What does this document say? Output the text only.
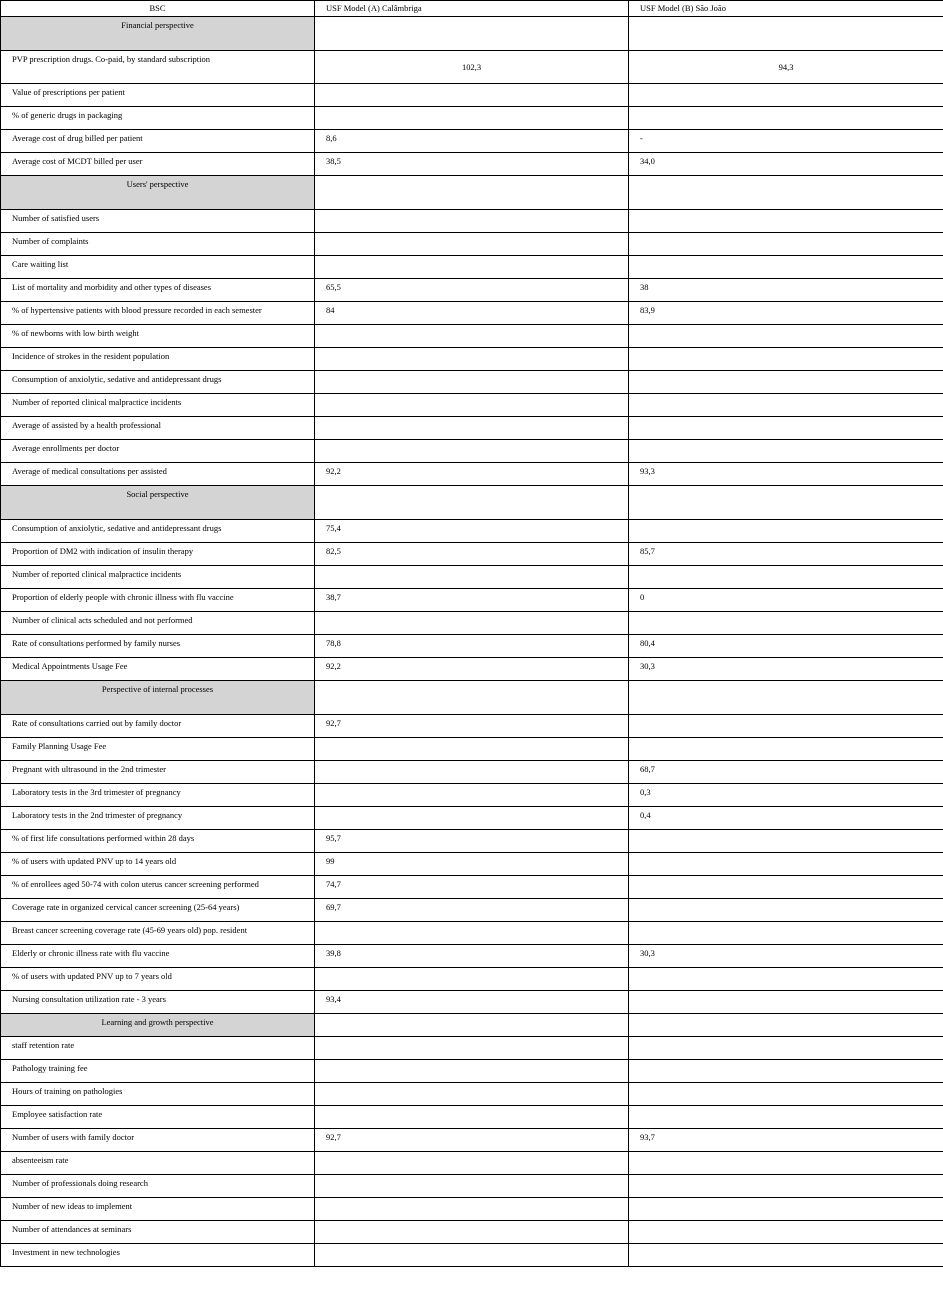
BSC	USF Model (A) Calâmbriga	USF Model (B) São João

Financial perspective		

PVP prescription drugs. Co-paid, by standard subscription	102,3	94,3

Value of prescriptions per patient		

% of generic drugs in packaging		

Average cost of drug billed per patient	8,6	-

Average cost of MCDT billed per user	38,5	34,0

Users' perspective		

Number of satisfied users		

Number of complaints		

Care waiting list		

List of mortality and morbidity and other types of diseases	65,5	38

% of hypertensive patients with blood pressure recorded in each semester	84	83,9

% of newborns with low birth weight		

Incidence of strokes in the resident population		

Consumption of anxiolytic, sedative and antidepressant drugs		

Number of reported clinical malpractice incidents		

Average of assisted by a health professional		

Average enrollments per doctor		

Average of medical consultations per assisted	92,2	93,3

Social perspective		

Consumption of anxiolytic, sedative and antidepressant drugs	75,4	

Proportion of DM2 with indication of insulin therapy	82,5	85,7

Number of reported clinical malpractice incidents		

Proportion of elderly people with chronic illness with flu vaccine	38,7	0

Number of clinical acts scheduled and not performed		

Rate of consultations performed by family nurses	78,8	80,4

Medical Appointments Usage Fee	92,2	30,3

Perspective of internal processes		

Rate of consultations carried out by family doctor	92,7	

Family Planning Usage Fee		

Pregnant with ultrasound in the 2nd trimester		68,7

Laboratory tests in the 3rd trimester of pregnancy		0,3

Laboratory tests in the 2nd trimester of pregnancy		0,4

% of first life consultations performed within 28 days	95,7	

% of users with updated PNV up to 14 years old	99	

% of enrollees aged 50-74 with colon uterus cancer screening performed	74,7	

Coverage rate in organized cervical cancer screening (25-64 years)	69,7	

Breast cancer screening coverage rate (45-69 years old) pop. resident		

Elderly or chronic illness rate with flu vaccine	39,8	30,3

% of users with updated PNV up to 7 years old		

Nursing consultation utilization rate - 3 years	93,4	

Learning and growth perspective		

staff retention rate		

Pathology training fee		

Hours of training on pathologies		

Employee satisfaction rate		

Number of users with family doctor	92,7	93,7

absenteeism rate		

Number of professionals doing research		

Number of new ideas to implement		

Number of attendances at seminars		

Investment in new technologies		
